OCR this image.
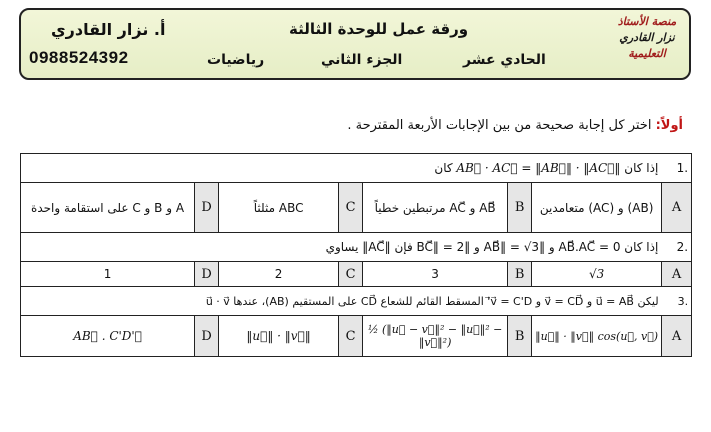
أ. نزار القادري
0988524392
ورقة عمل للوحدة الثالثة
الحادي عشر
الجزء الثاني
رياضيات
منصة الأستاذ
نزار القادري
التعليمية
أولاً: اختر كل إجابة صحيحة من بين الإجابات الأربعة المقترحة .
.1 إذا كان AB⃗ · AC⃗ = ‖AB⃗‖ · ‖AC⃗‖ كان							
A	(AB) و (AC) متعامدين	B	AB⃗ و AC⃗ مرتبطين خطياً	C	ABC مثلثاً	D	A و B و C على استقامة واحدة
.2 إذا كان AB⃗.AC⃗ = 0 و ‖AB⃗‖ = √3 و ‖BC⃗‖ = 2 فإن ‖AC⃗‖ يساوي							
A	√3	B	3	C	2	D	1
.3 ليكن u⃗ = AB⃗ و v⃗ = CD⃗ و v⃗ = C'D'⃗ المسقط القائم للشعاع CD⃗ على المستقيم (AB)، عندها u⃗ · v⃗							
A	‖u⃗‖ · ‖v⃗‖ cos(u⃗, v⃗)	B	½ (‖u⃗ − v⃗‖² − ‖u⃗‖² − ‖v⃗‖²)	C	‖u⃗‖ · ‖v⃗‖	D	AB⃗ . C'D'⃗
